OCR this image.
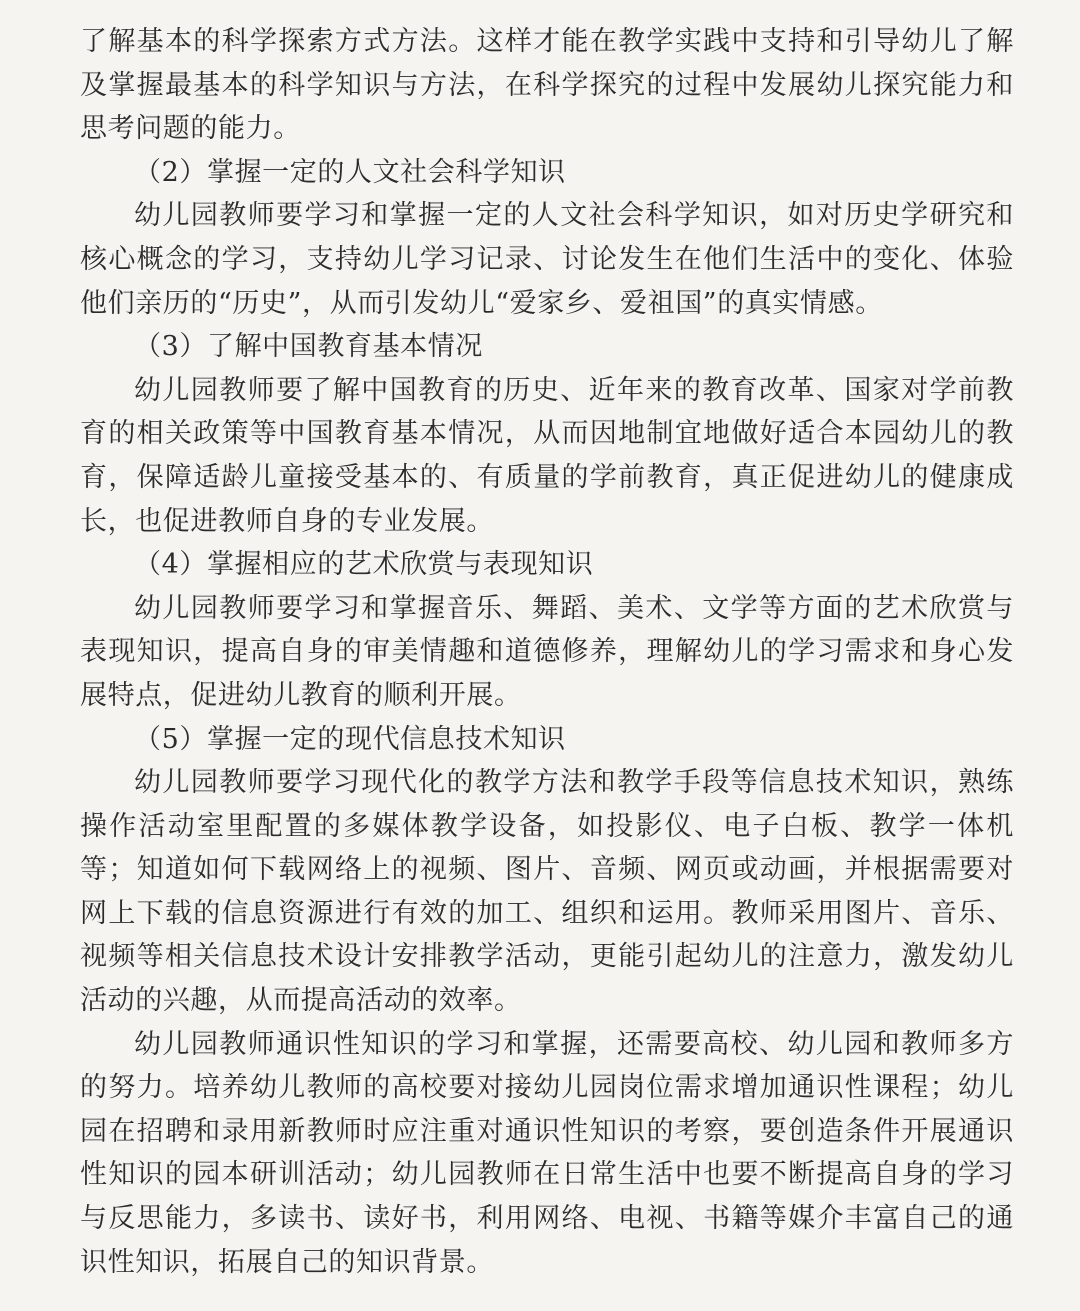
了解基本的科学探索方式方法。这样才能在教学实践中支持和引导幼儿了解及掌握最基本的科学知识与方法，在科学探究的过程中发展幼儿探究能力和思考问题的能力。

（2）掌握一定的人文社会科学知识

幼儿园教师要学习和掌握一定的人文社会科学知识，如对历史学研究和核心概念的学习，支持幼儿学习记录、讨论发生在他们生活中的变化、体验他们亲历的“历史”，从而引发幼儿“爱家乡、爱祖国”的真实情感。

（3）了解中国教育基本情况

幼儿园教师要了解中国教育的历史、近年来的教育改革、国家对学前教育的相关政策等中国教育基本情况，从而因地制宜地做好适合本园幼儿的教育，保障适龄儿童接受基本的、有质量的学前教育，真正促进幼儿的健康成长，也促进教师自身的专业发展。

（4）掌握相应的艺术欣赏与表现知识

幼儿园教师要学习和掌握音乐、舞蹈、美术、文学等方面的艺术欣赏与表现知识，提高自身的审美情趣和道德修养，理解幼儿的学习需求和身心发展特点，促进幼儿教育的顺利开展。

（5）掌握一定的现代信息技术知识

幼儿园教师要学习现代化的教学方法和教学手段等信息技术知识，熟练操作活动室里配置的多媒体教学设备，如投影仪、电子白板、教学一体机等；知道如何下载网络上的视频、图片、音频、网页或动画，并根据需要对网上下载的信息资源进行有效的加工、组织和运用。教师采用图片、音乐、视频等相关信息技术设计安排教学活动，更能引起幼儿的注意力，激发幼儿活动的兴趣，从而提高活动的效率。

幼儿园教师通识性知识的学习和掌握，还需要高校、幼儿园和教师多方的努力。培养幼儿教师的高校要对接幼儿园岗位需求增加通识性课程；幼儿园在招聘和录用新教师时应注重对通识性知识的考察，要创造条件开展通识性知识的园本研训活动；幼儿园教师在日常生活中也要不断提高自身的学习与反思能力，多读书、读好书，利用网络、电视、书籍等媒介丰富自己的通识性知识，拓展自己的知识背景。
